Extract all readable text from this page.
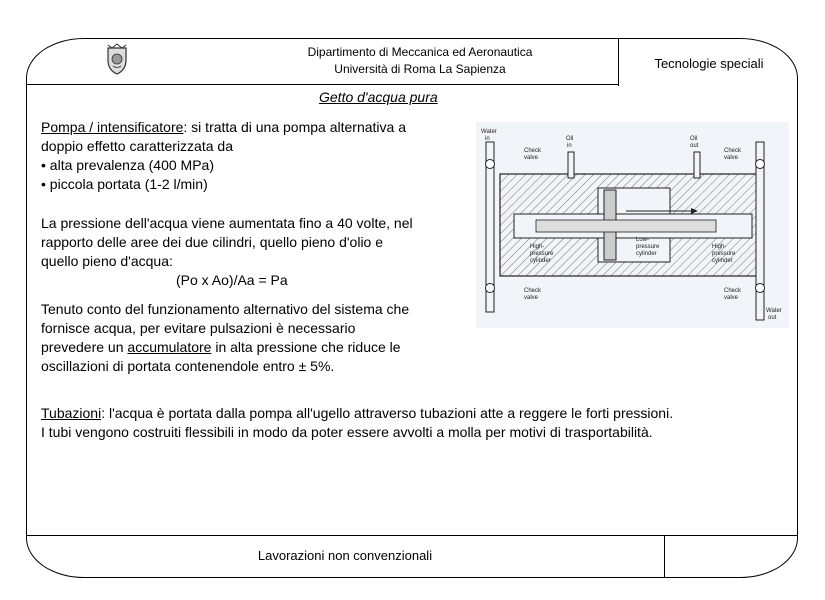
Dipartimento di Meccanica ed Aeronautica
Università di Roma La Sapienza	Tecnologie speciali
Getto d'acqua pura
Pompa / intensificatore: si tratta di una pompa alternativa a
doppio effetto caratterizzata da
• alta prevalenza (400 MPa)
• piccola portata (1-2 l/min)
La pressione dell'acqua viene aumentata fino a 40 volte, nel
rapporto delle aree dei due cilindri, quello pieno d'olio e
quello pieno d'acqua:
(Po x Ao)/Aa = Pa
Tenuto conto del funzionamento alternativo del sistema che
fornisce acqua, per evitare pulsazioni è necessario
prevedere un accumulatore in alta pressione che riduce le
oscillazioni di portata contenendole entro ± 5%.
Tubazioni: l'acqua è portata dalla pompa all'ugello attraverso tubazioni atte a reggere le forti pressioni.
I tubi vengono costruiti flessibili in modo da poter essere avvolti a molla per motivi di trasportabilità.
Water in
Check valve
Oil in
Oil out
Check valve
High-pressure cylinder
Low-pressure cylinder
High-pressure cylinder
Check valve
Check valve
Water out
Lavorazioni non convenzionali
